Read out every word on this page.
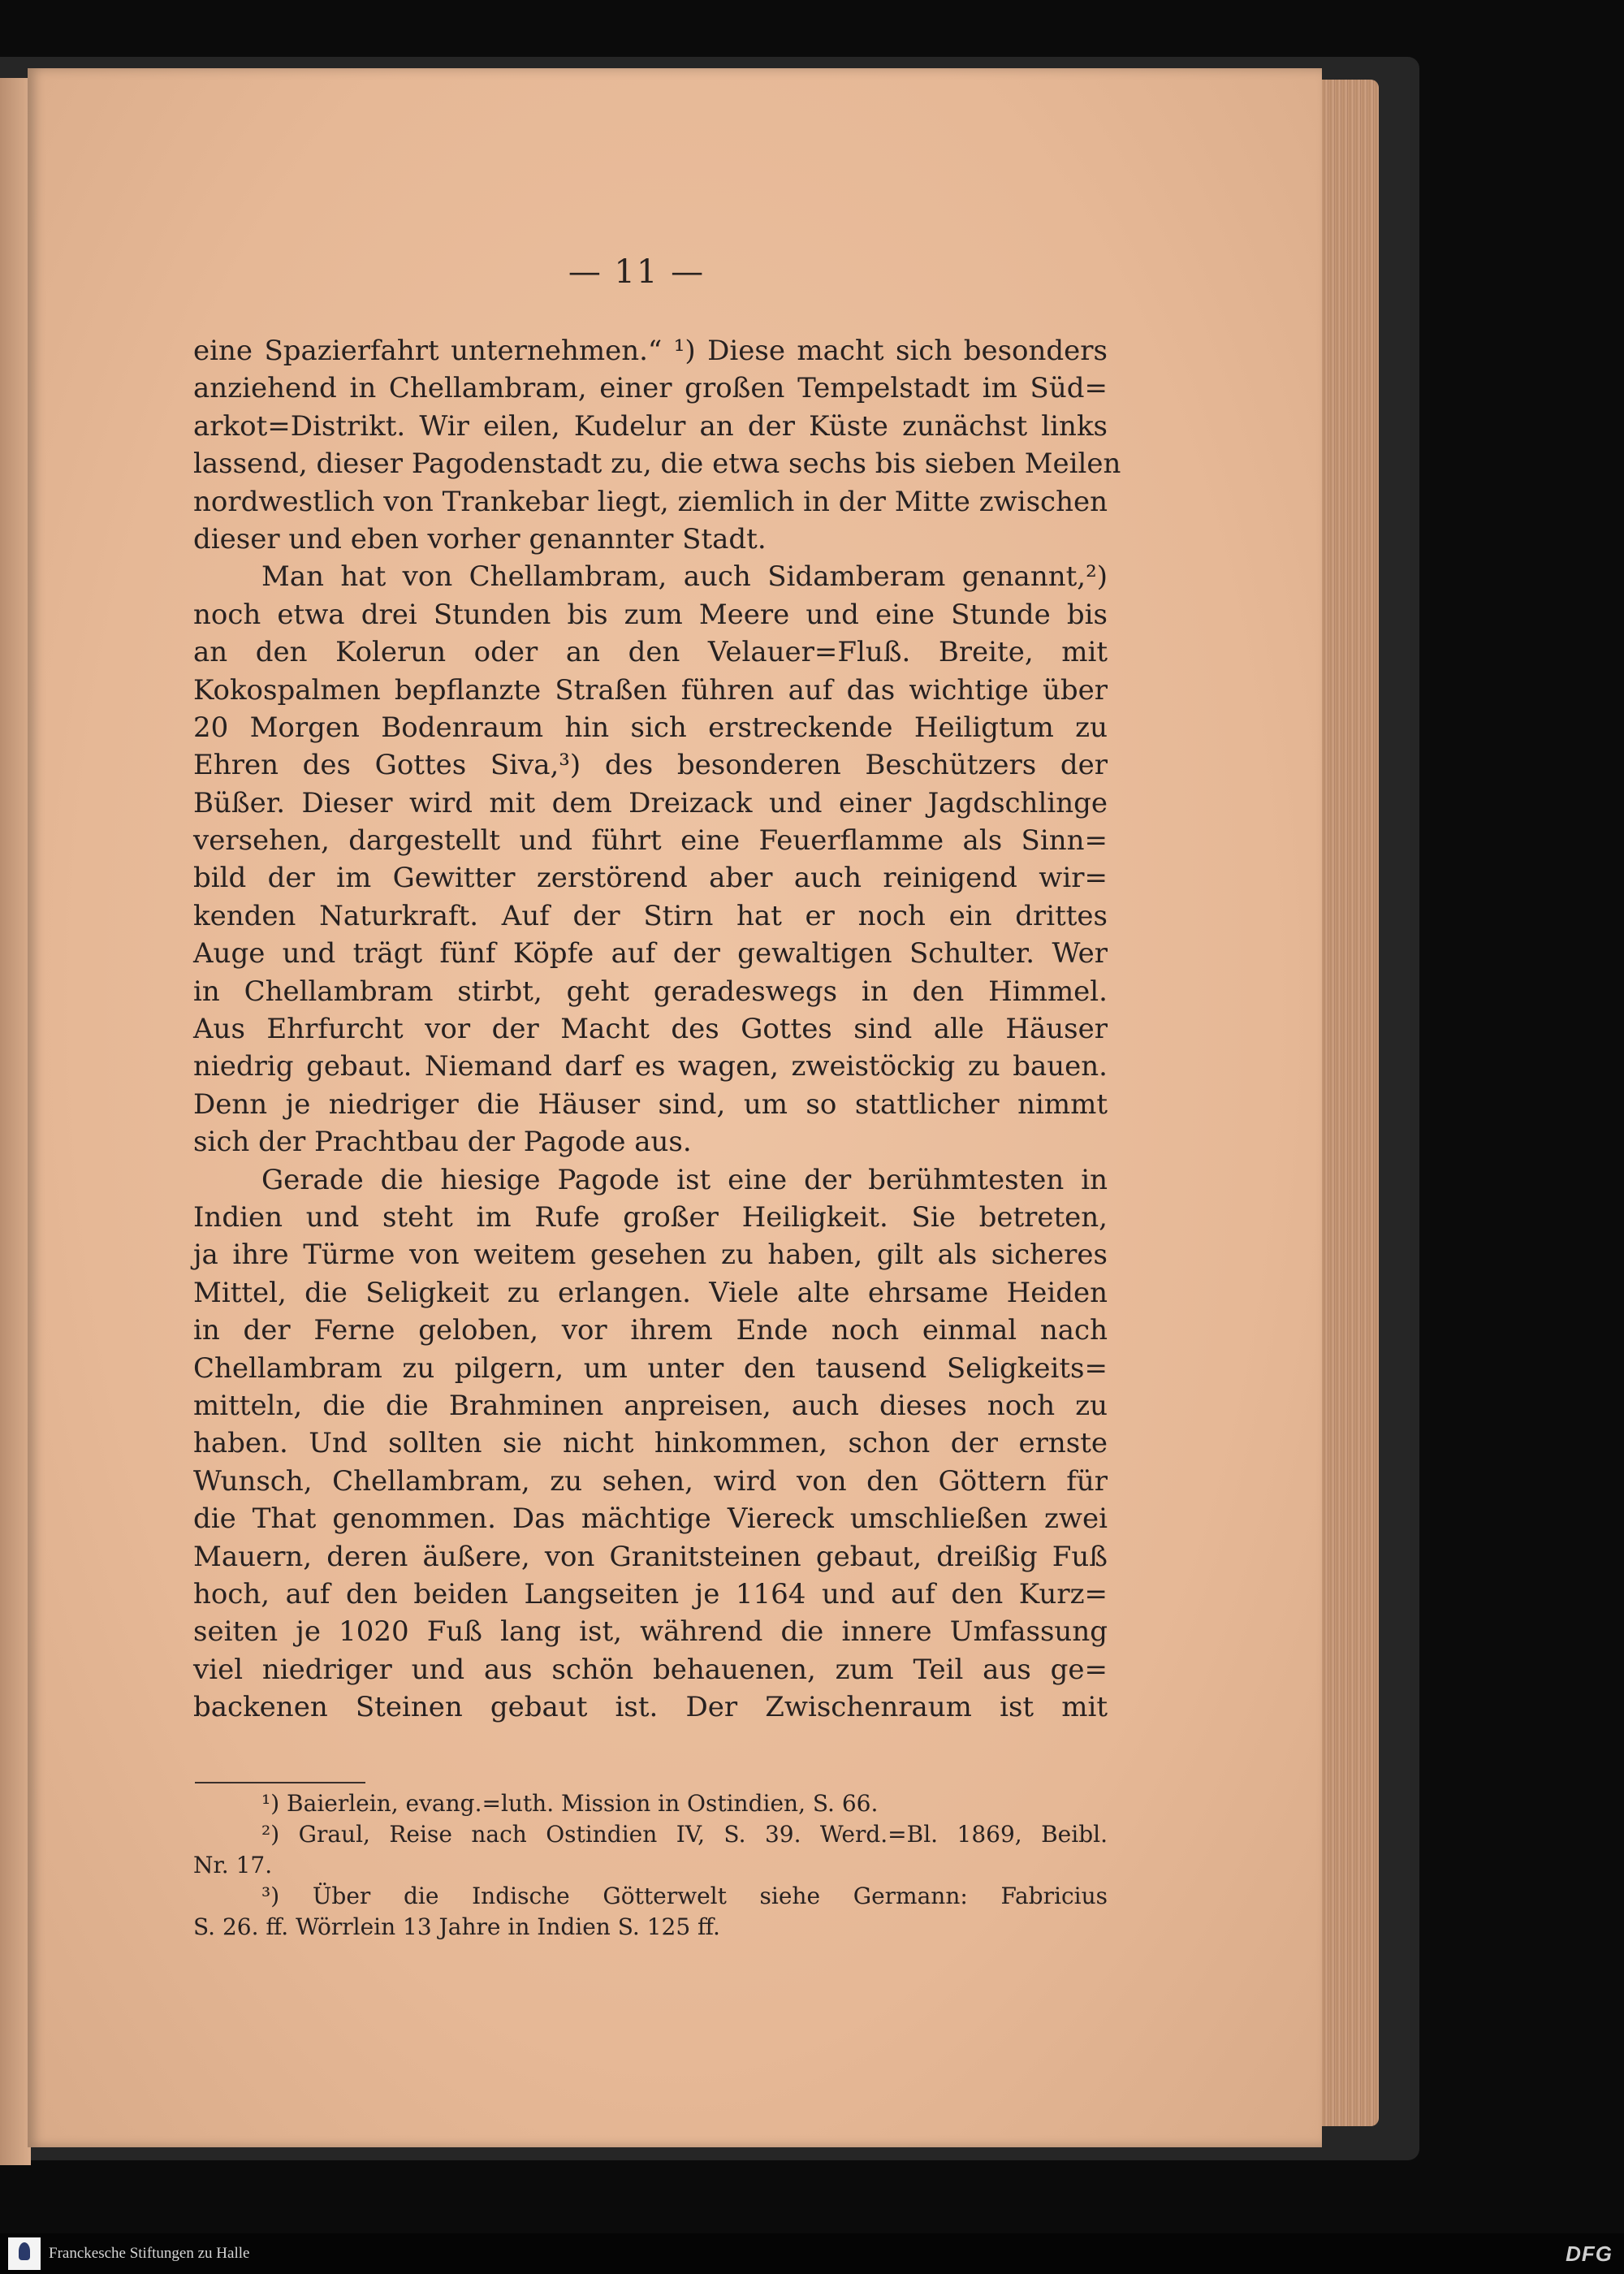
— 11 —
eine Spazierfahrt unternehmen.“ ¹) Diese macht sich besonders
anziehend in Chellambram, einer großen Tempelstadt im Süd=
arkot=Distrikt. Wir eilen, Kudelur an der Küste zunächst links
lassend, dieser Pagodenstadt zu, die etwa sechs bis sieben Meilen
nordwestlich von Trankebar liegt, ziemlich in der Mitte zwischen
dieser und eben vorher genannter Stadt.
Man hat von Chellambram, auch Sidamberam genannt,²)
noch etwa drei Stunden bis zum Meere und eine Stunde bis
an den Kolerun oder an den Velauer=Fluß. Breite, mit
Kokospalmen bepflanzte Straßen führen auf das wichtige über
20 Morgen Bodenraum hin sich erstreckende Heiligtum zu
Ehren des Gottes Siva,³) des besonderen Beschützers der
Büßer. Dieser wird mit dem Dreizack und einer Jagdschlinge
versehen, dargestellt und führt eine Feuerflamme als Sinn=
bild der im Gewitter zerstörend aber auch reinigend wir=
kenden Naturkraft. Auf der Stirn hat er noch ein drittes
Auge und trägt fünf Köpfe auf der gewaltigen Schulter. Wer
in Chellambram stirbt, geht geradeswegs in den Himmel.
Aus Ehrfurcht vor der Macht des Gottes sind alle Häuser
niedrig gebaut. Niemand darf es wagen, zweistöckig zu bauen.
Denn je niedriger die Häuser sind, um so stattlicher nimmt
sich der Prachtbau der Pagode aus.
Gerade die hiesige Pagode ist eine der berühmtesten in
Indien und steht im Rufe großer Heiligkeit. Sie betreten,
ja ihre Türme von weitem gesehen zu haben, gilt als sicheres
Mittel, die Seligkeit zu erlangen. Viele alte ehrsame Heiden
in der Ferne geloben, vor ihrem Ende noch einmal nach
Chellambram zu pilgern, um unter den tausend Seligkeits=
mitteln, die die Brahminen anpreisen, auch dieses noch zu
haben. Und sollten sie nicht hinkommen, schon der ernste
Wunsch, Chellambram, zu sehen, wird von den Göttern für
die That genommen. Das mächtige Viereck umschließen zwei
Mauern, deren äußere, von Granitsteinen gebaut, dreißig Fuß
hoch, auf den beiden Langseiten je 1164 und auf den Kurz=
seiten je 1020 Fuß lang ist, während die innere Umfassung
viel niedriger und aus schön behauenen, zum Teil aus ge=
backenen Steinen gebaut ist. Der Zwischenraum ist mit
¹) Baierlein, evang.=luth. Mission in Ostindien, S. 66.
²) Graul, Reise nach Ostindien IV, S. 39. Werd.=Bl. 1869, Beibl.
Nr. 17.
³) Über die Indische Götterwelt siehe Germann: Fabricius
S. 26. ff. Wörrlein 13 Jahre in Indien S. 125 ff.
Franckesche Stiftungen zu Halle	DFG
